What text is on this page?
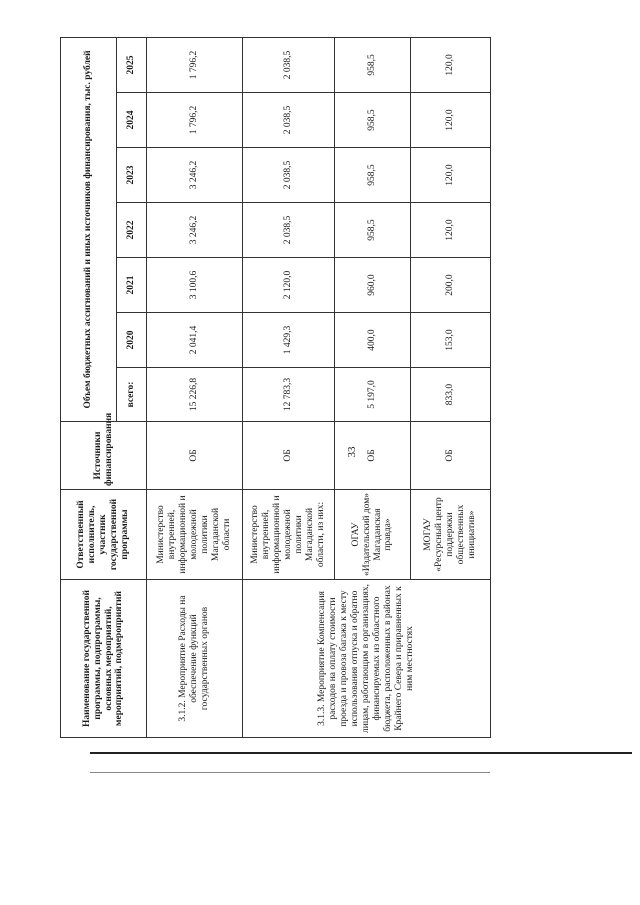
33
Наименование государственной программы, подпрограммы, основных мероприятий, мероприятий, подмероприятий	Ответственный исполнитель, участник государственной программы	Источники финансирования	Объем бюджетных ассигнований и иных источников финансирования, тыс. рублей						
			всего:	2020	2021	2022	2023	2024	2025
3.1.2. Мероприятие Расходы на обеспечение функций государственных органов	Министерство внутренней, информационной и молодежной политики Магаданской области	ОБ	15 226,8	2 041,4	3 100,6	3 246,2	3 246,2	1 796,2	1 796,2
3.1.3. Мероприятие Компенсация расходов на оплату стоимости проезда и провоза багажа к месту использования отпуска и обратно лицам, работающим в организациях, финансируемых из областного бюджета, расположенных в районах Крайнего Севера и приравненных к ним местностях	Министерство внутренней, информационной и молодежной политики Магаданской области, из них:	ОБ	12 783,3	1 429,3	2 120,0	2 038,5	2 038,5	2 038,5	2 038,5
	ОГАУ «Издательский дом» Магаданская правда»	ОБ	5 197,0	400,0	960,0	958,5	958,5	958,5	958,5
	МОГАУ «Ресурсный центр поддержки общественных инициатив»	ОБ	833,0	153,0	200,0	120,0	120,0	120,0	120,0
